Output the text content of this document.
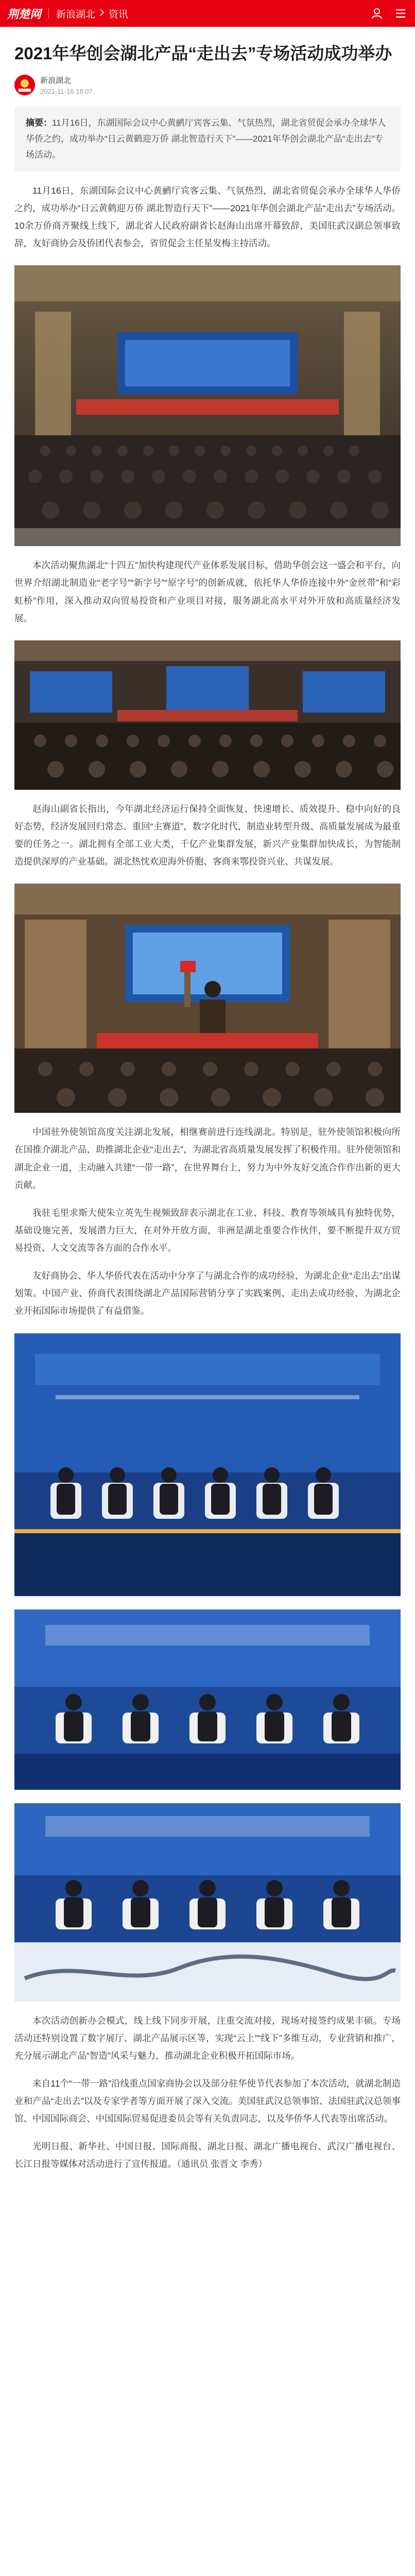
荆楚网 新浪湖北 资讯
2021年华创会湖北产品“走出去”专场活动成功举办
新浪湖北
2021-11-16 18:07
摘要：11月16日，东湖国际会议中心黄鹂厅宾客云集、气氛热烈，湖北省贸促会承办全球华人华侨之约，成功举办“日云黄鹤迎万侨 湖北智造行天下”——2021年华创会湖北产品“走出去”专场活动。

11月16日，东湖国际会议中心黄鹂厅宾客云集、气氛热烈，湖北省贸促会承办全球华人华侨之约，成功举办“日云黄鹤迎万侨 湖北智造行天下”——2021年华创会湖北产品“走出去”专场活动。10余万侨商齐聚线上线下，湖北省人民政府副省长赵海山出席开幕致辞，美国驻武汉副总领事致辞，友好商协会及侨团代表参会，省贸促会主任星发梅主持活动。

本次活动聚焦湖北“十四五”加快构建现代产业体系发展目标，借助华创会这一盛会和平台，向世界介绍湖北制造业“老字号”“新字号”“原字号”的创新成就，依托华人华侨连接中外“金丝带”和“彩虹桥”作用，深入推动双向贸易投资和产业项目对接，服务湖北高水平对外开放和高质量经济发展。

赵海山副省长指出，今年湖北经济运行保持全面恢复、快速增长、质效提升、稳中向好的良好态势，经济发展回归常态、重回“主赛道”，数字化时代，制造业转型升级、高质量发展成为最重要的任务之一。湖北拥有全部工业大类，千亿产业集群发展，新兴产业集群加快成长，为智能制造提供深厚的产业基础。湖北热忱欢迎海外侨胞、客商来鄂投资兴业、共谋发展。

中国驻外使领馆高度关注湖北发展，相继赛前进行连线湖北。特别是，驻外使领馆积极向所在国推介湖北产品，助推湖北企业“走出去”，为湖北省高质量发展发挥了积极作用。驻外使领馆和湖北企业一道，主动融入共建“一带一路”，在世界舞台上，努力为中外友好交流合作作出新的更大贡献。

我驻毛里求斯大使朱立英先生视频致辞表示湖北在工业、科技、教育等领域具有独特优势，基础设施完善，发展潜力巨大，在对外开放方面，非洲是湖北重要合作伙伴，要不断提升双方贸易投资、人文交流等各方面的合作水平。

友好商协会、华人华侨代表在活动中分享了与湖北合作的成功经验，为湖北企业“走出去”出谋划策。中国产业、侨商代表围绕湖北产品国际营销分享了实践案例、走出去成功经验，为湖北企业开拓国际市场提供了有益借鉴。

本次活动创新办会模式，线上线下同步开展，注重交流对接，现场对接签约成果丰硕。专场活动还特别设置了数字展厅、湖北产品展示区等，实现“云上”“线下”多维互动，专业营销和推广，充分展示湖北产品“智造”风采与魅力，推动湖北企业积极开拓国际市场。

来自11个“一带一路”沿线重点国家商协会以及部分驻华使节代表参加了本次活动，就湖北制造业和产品“走出去”以及专家学者等方面开展了深入交流。美国驻武汉总领事馆、法国驻武汉总领事馆、中国国际商会、中国国际贸易促进委员会等有关负责同志，以及华侨华人代表等出席活动。

光明日报、新华社、中国日报、国际商报、湖北日报、湖北广播电视台、武汉广播电视台、长江日报等媒体对活动进行了宣传报道。（通讯员 张晋文 李秀）
